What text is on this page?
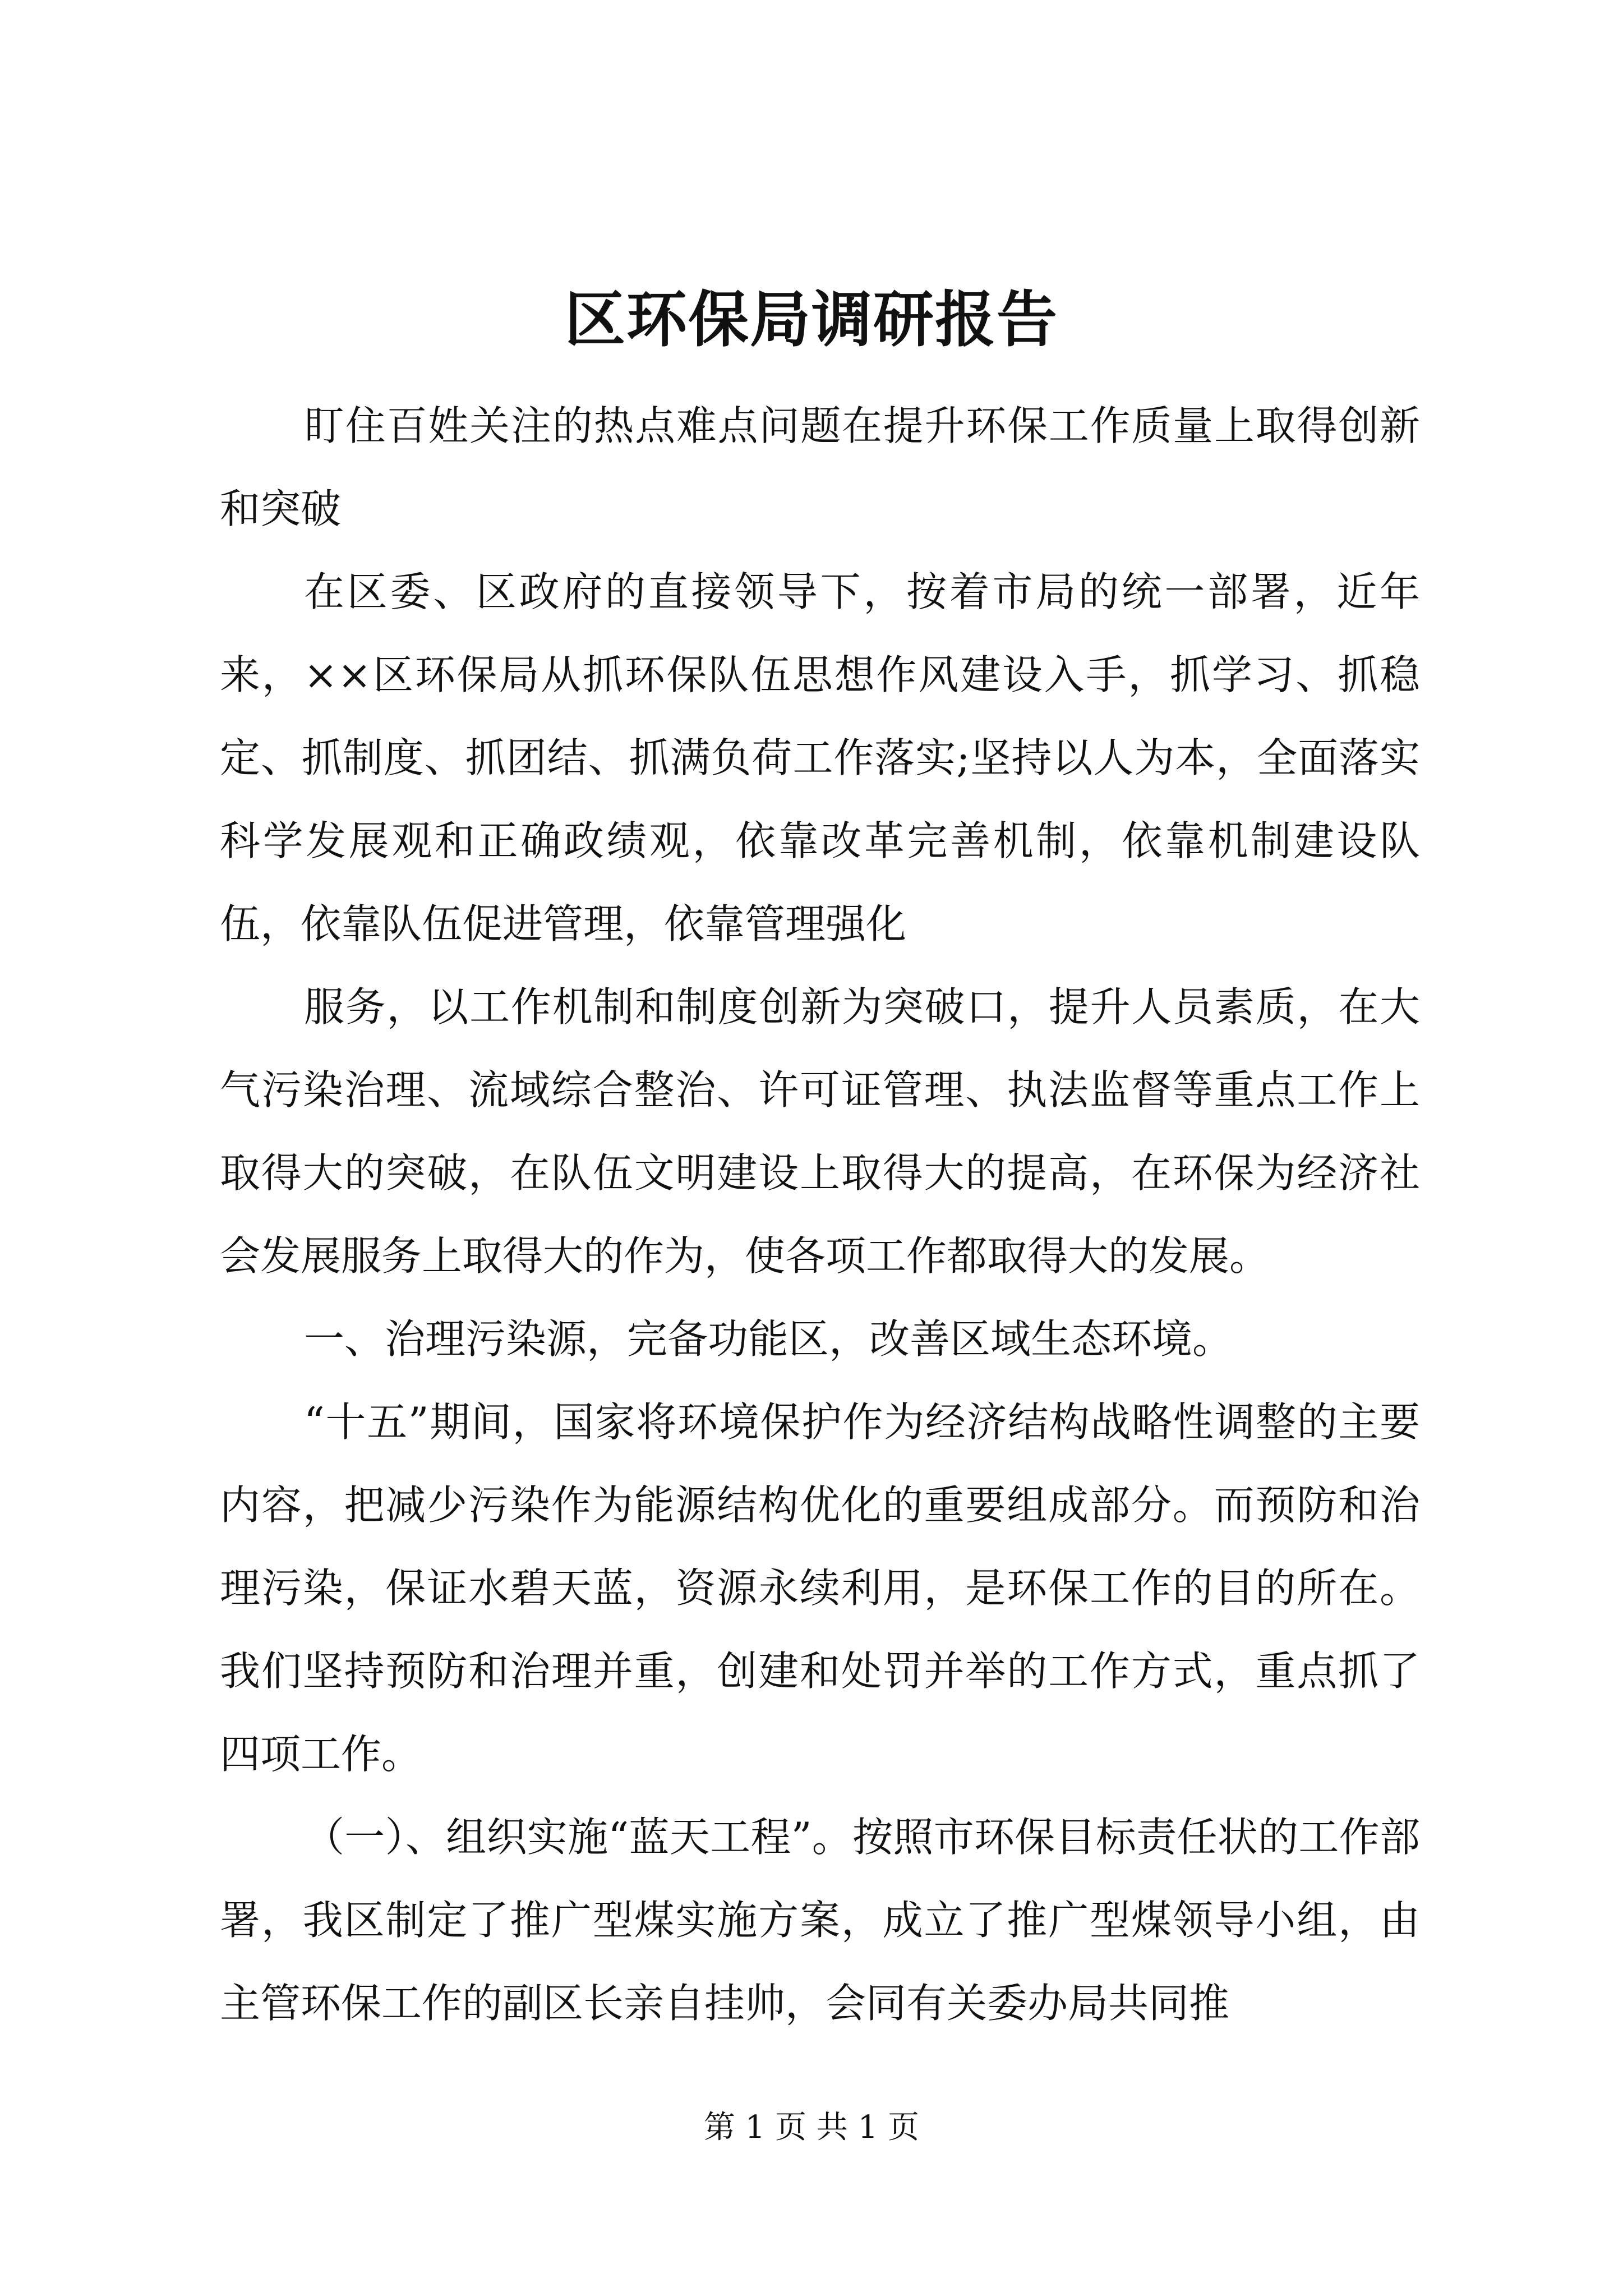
区环保局调研报告

盯住百姓关注的热点难点问题在提升环保工作质量上取得创新和突破

在区委、区政府的直接领导下，按着市局的统一部署，近年来，××区环保局从抓环保队伍思想作风建设入手，抓学习、抓稳定、抓制度、抓团结、抓满负荷工作落实;坚持以人为本，全面落实科学发展观和正确政绩观，依靠改革完善机制，依靠机制建设队伍，依靠队伍促进管理，依靠管理强化

服务，以工作机制和制度创新为突破口，提升人员素质，在大气污染治理、流域综合整治、许可证管理、执法监督等重点工作上取得大的突破，在队伍文明建设上取得大的提高，在环保为经济社会发展服务上取得大的作为，使各项工作都取得大的发展。

一、治理污染源，完备功能区，改善区域生态环境。

“十五”期间，国家将环境保护作为经济结构战略性调整的主要内容，把减少污染作为能源结构优化的重要组成部分。而预防和治理污染，保证水碧天蓝，资源永续利用，是环保工作的目的所在。我们坚持预防和治理并重，创建和处罚并举的工作方式，重点抓了四项工作。

（一）、组织实施“蓝天工程”。按照市环保目标责任状的工作部署，我区制定了推广型煤实施方案，成立了推广型煤领导小组，由主管环保工作的副区长亲自挂帅，会同有关委办局共同推

第 1 页 共 1 页
